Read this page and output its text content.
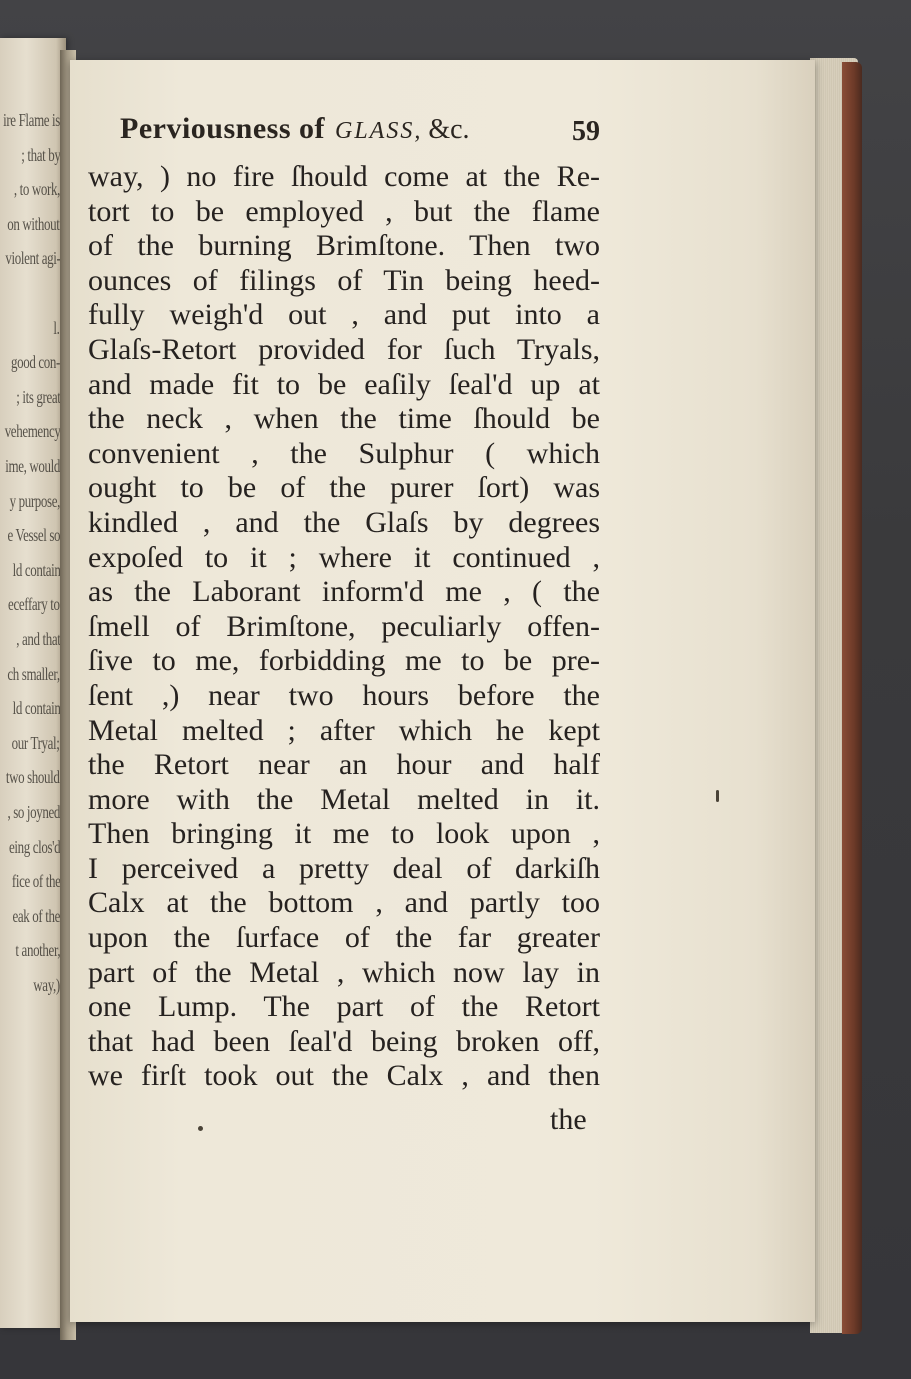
ire Flame is
; that by
, to work,
on without
violent agi-
l.
good con-
; its great
vehemency
ime, would
y purpose,
e Vessel so
ld contain
eceffary to
, and that
ch smaller,
ld contain
our Tryal;
two should
, so joyned
eing clos'd
fice of the
eak of the
t another,
way,)
Perviousness of GLASS, &c.	59
way, ) no fire ſhould come at the Re-
tort to be employed , but the flame
of the burning Brimſtone. Then two
ounces of filings of Tin being heed-
fully weigh'd out , and put into a
Glaſs-Retort provided for ſuch Tryals,
and made fit to be eaſily ſeal'd up at
the neck , when the time ſhould be
convenient , the Sulphur ( which
ought to be of the purer ſort) was
kindled , and the Glaſs by degrees
expoſed to it ; where it continued ,
as the Laborant inform'd me , ( the
ſmell of Brimſtone, peculiarly offen-
ſive to me, forbidding me to be pre-
ſent ,) near two hours before the
Metal melted ; after which he kept
the Retort near an hour and half
more with the Metal melted in it.
Then bringing it me to look upon ,
I perceived a pretty deal of darkiſh
Calx at the bottom , and partly too
upon the ſurface of the far greater
part of the Metal , which now lay in
one Lump. The part of the Retort
that had been ſeal'd being broken off,
we firſt took out the Calx , and then
the
